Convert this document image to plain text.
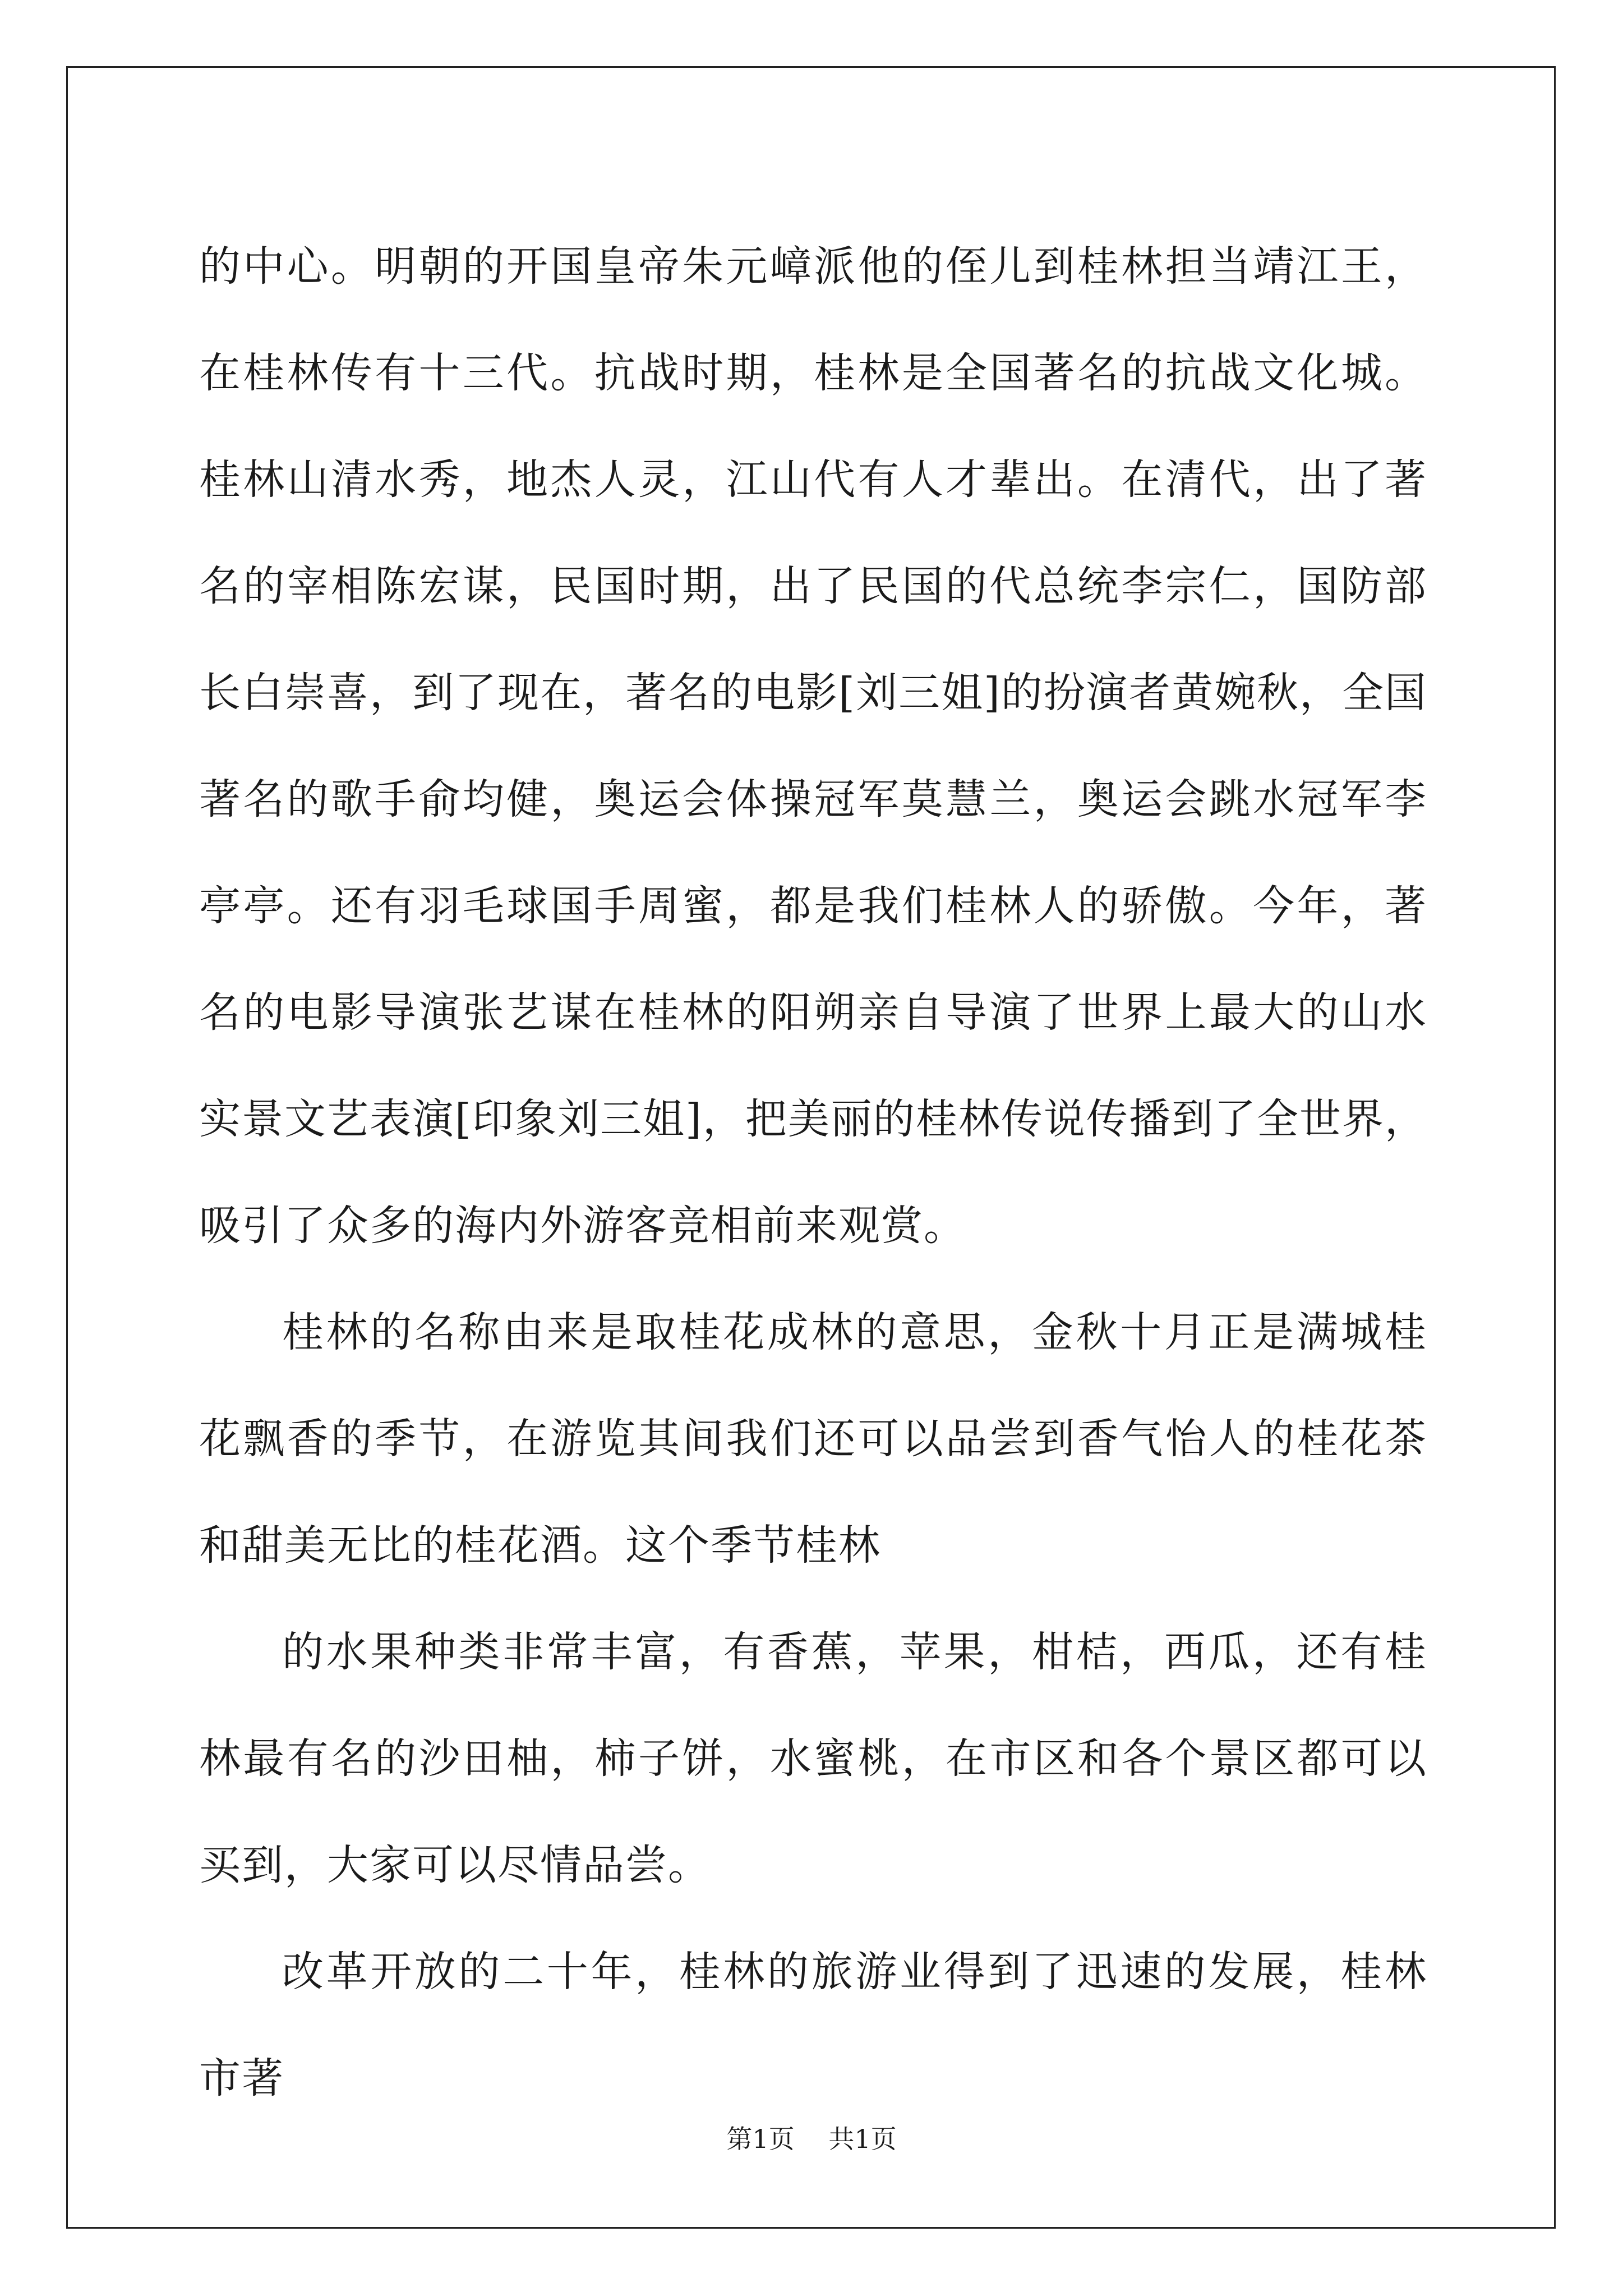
的中心。明朝的开国皇帝朱元嶂派他的侄儿到桂林担当靖江王，在桂林传有十三代。抗战时期，桂林是全国著名的抗战文化城。桂林山清水秀，地杰人灵，江山代有人才辈出。在清代，出了著名的宰相陈宏谋，民国时期，出了民国的代总统李宗仁，国防部长白崇喜，到了现在，著名的电影[刘三姐]的扮演者黄婉秋，全国著名的歌手俞均健，奥运会体操冠军莫慧兰，奥运会跳水冠军李亭亭。还有羽毛球国手周蜜，都是我们桂林人的骄傲。今年，著名的电影导演张艺谋在桂林的阳朔亲自导演了世界上最大的山水实景文艺表演[印象刘三姐]，把美丽的桂林传说传播到了全世界，吸引了众多的海内外游客竞相前来观赏。

桂林的名称由来是取桂花成林的意思，金秋十月正是满城桂花飘香的季节，在游览其间我们还可以品尝到香气怡人的桂花茶和甜美无比的桂花酒。这个季节桂林

的水果种类非常丰富，有香蕉，苹果，柑桔，西瓜，还有桂林最有名的沙田柚，柿子饼，水蜜桃，在市区和各个景区都可以买到，大家可以尽情品尝。

改革开放的二十年，桂林的旅游业得到了迅速的发展，桂林市著

第1页 共1页
